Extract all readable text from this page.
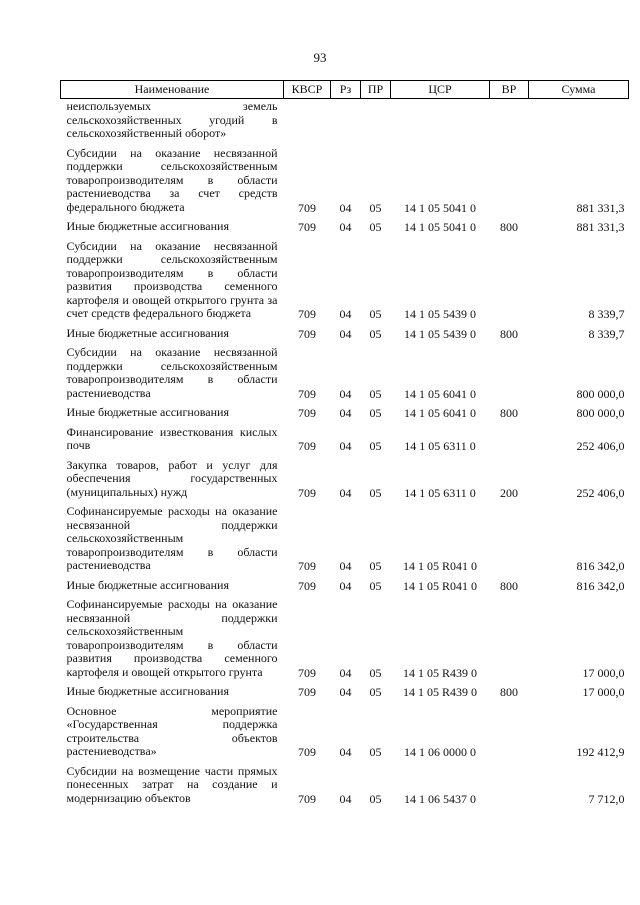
93
Наименование	КВСР	Рз	ПР	ЦСР	ВР	Сумма
неиспользуемых земель сельскохозяйственных угодий в сельскохозяйственный оборот»						
Субсидии на оказание несвязанной поддержки сельскохозяйственным товаропроизводителям в области растениеводства за счет средств федерального бюджета	709	04	05	14 1 05 5041 0		881 331,3
Иные бюджетные ассигнования	709	04	05	14 1 05 5041 0	800	881 331,3
Субсидии на оказание несвязанной поддержки сельскохозяйственным товаропроизводителям в области развития производства семенного картофеля и овощей открытого грунта за счет средств федерального бюджета	709	04	05	14 1 05 5439 0		8 339,7
Иные бюджетные ассигнования	709	04	05	14 1 05 5439 0	800	8 339,7
Субсидии на оказание несвязанной поддержки сельскохозяйственным товаропроизводителям в области растениеводства	709	04	05	14 1 05 6041 0		800 000,0
Иные бюджетные ассигнования	709	04	05	14 1 05 6041 0	800	800 000,0
Финансирование известкования кислых почв	709	04	05	14 1 05 6311 0		252 406,0
Закупка товаров, работ и услуг для обеспечения государственных (муниципальных) нужд	709	04	05	14 1 05 6311 0	200	252 406,0
Софинансируемые расходы на оказание несвязанной поддержки сельскохозяйственным товаропроизводителям в области растениеводства	709	04	05	14 1 05 R041 0		816 342,0
Иные бюджетные ассигнования	709	04	05	14 1 05 R041 0	800	816 342,0
Софинансируемые расходы на оказание несвязанной поддержки сельскохозяйственным товаропроизводителям в области развития производства семенного картофеля и овощей открытого грунта	709	04	05	14 1 05 R439 0		17 000,0
Иные бюджетные ассигнования	709	04	05	14 1 05 R439 0	800	17 000,0
Основное мероприятие «Государственная поддержка строительства объектов растениеводства»	709	04	05	14 1 06 0000 0		192 412,9
Субсидии на возмещение части прямых понесенных затрат на создание и модернизацию объектов	709	04	05	14 1 06 5437 0		7 712,0
